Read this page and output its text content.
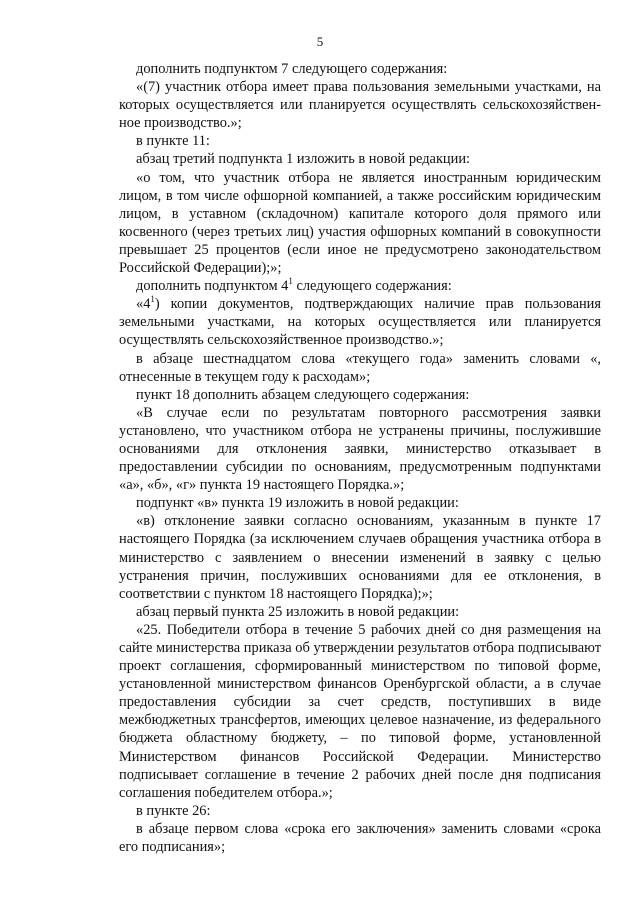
5

дополнить подпунктом 7 следующего содержания:

«(7) участник отбора имеет права пользования земельными участками, на которых осуществляется или планируется осуществлять сельскохозяйствен-ное производство.»;

в пункте 11:

абзац третий подпункта 1 изложить в новой редакции:

«о том, что участник отбора не является иностранным юридическим лицом, в том числе офшорной компанией, а также российским юридическим лицом, в уставном (складочном) капитале которого доля прямого или косвенного (через третьих лиц) участия офшорных компаний в совокупности превышает 25 процентов (если иное не предусмотрено законодательством Российской Федерации);»;

дополнить подпунктом $4^1$ следующего содержания:

«$4^1$) копии документов, подтверждающих наличие прав пользования земельными участками, на которых осуществляется или планируется осуществлять сельскохозяйственное производство.»;

в абзаце шестнадцатом слова «текущего года» заменить словами «, отнесенные в текущем году к расходам»;

пункт 18 дополнить абзацем следующего содержания:

«В случае если по результатам повторного рассмотрения заявки установлено, что участником отбора не устранены причины, послужившие основаниями для отклонения заявки, министерство отказывает в предоставлении субсидии по основаниям, предусмотренным подпунктами «а», «б», «г» пункта 19 настоящего Порядка.»;

подпункт «в» пункта 19 изложить в новой редакции:

«в) отклонение заявки согласно основаниям, указанным в пункте 17 настоящего Порядка (за исключением случаев обращения участника отбора в министерство с заявлением о внесении изменений в заявку с целью устранения причин, послуживших основаниями для ее отклонения, в соответствии с пунктом 18 настоящего Порядка);»;

абзац первый пункта 25 изложить в новой редакции:

«25. Победители отбора в течение 5 рабочих дней со дня размещения на сайте министерства приказа об утверждении результатов отбора подписывают проект соглашения, сформированный министерством по типовой форме, установленной министерством финансов Оренбургской области, а в случае предоставления субсидии за счет средств, поступивших в виде межбюджетных трансфертов, имеющих целевое назначение, из федерального бюджета областному бюджету, – по типовой форме, установленной Министерством финансов Российской Федерации. Министерство подписывает соглашение в течение 2 рабочих дней после дня подписания соглашения победителем отбора.»;

в пункте 26:

в абзаце первом слова «срока его заключения» заменить словами «срока его подписания»;
